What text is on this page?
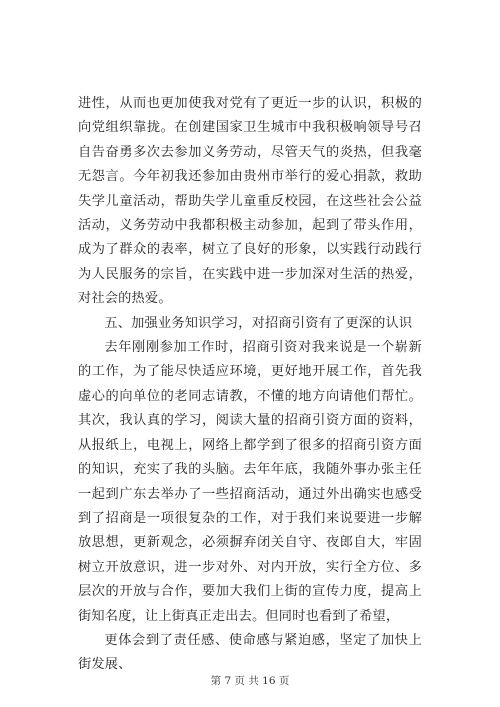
进性，从而也更加使我对党有了更近一步的认识，积极的向党组织靠拢。在创建国家卫生城市中我积极响领导号召自告奋勇多次去参加义务劳动，尽管天气的炎热，但我毫无怨言。今年初我还参加由贵州市举行的爱心捐款，救助失学儿童活动，帮助失学儿童重反校园，在这些社会公益活动，义务劳动中我都积极主动参加，起到了带头作用，成为了群众的表率，树立了良好的形象，以实践行动践行为人民服务的宗旨，在实践中进一步加深对生活的热爱，对社会的热爱。

五、加强业务知识学习，对招商引资有了更深的认识

去年刚刚参加工作时，招商引资对我来说是一个崭新的工作，为了能尽快适应环境，更好地开展工作，首先我虚心的向单位的老同志请教，不懂的地方向请他们帮忙。其次，我认真的学习，阅读大量的招商引资方面的资料，从报纸上，电视上，网络上都学到了很多的招商引资方面的知识，充实了我的头脑。去年年底，我随外事办张主任一起到广东去举办了一些招商活动，通过外出确实也感受到了招商是一项很复杂的工作，对于我们来说要进一步解放思想，更新观念，必须摒弃闭关自守、夜郎自大，牢固树立开放意识，进一步对外、对内开放，实行全方位、多层次的开放与合作，要加大我们上街的宣传力度，提高上街知名度，让上街真正走出去。但同时也看到了希望，

更体会到了责任感、使命感与紧迫感，坚定了加快上街发展、

第 7 页 共 16 页
